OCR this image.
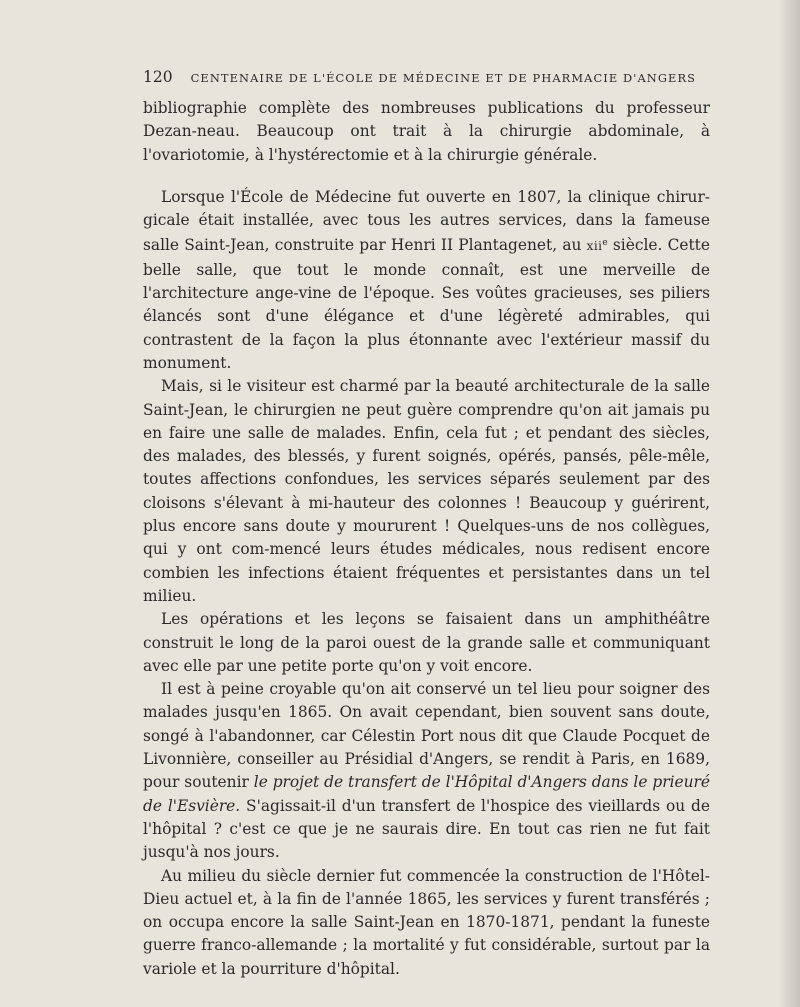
120 CENTENAIRE DE L'ÉCOLE DE MÉDECINE ET DE PHARMACIE D'ANGERS

bibliographie complète des nombreuses publications du professeur Dezan-neau. Beaucoup ont trait à la chirurgie abdominale, à l'ovariotomie, à l'hystérectomie et à la chirurgie générale.

Lorsque l'École de Médecine fut ouverte en 1807, la clinique chirur-gicale était installée, avec tous les autres services, dans la fameuse salle Saint-Jean, construite par Henri II Plantagenet, au xii$^e$ siècle. Cette belle salle, que tout le monde connaît, est une merveille de l'architecture ange-vine de l'époque. Ses voûtes gracieuses, ses piliers élancés sont d'une élégance et d'une légèreté admirables, qui contrastent de la façon la plus étonnante avec l'extérieur massif du monument.

Mais, si le visiteur est charmé par la beauté architecturale de la salle Saint-Jean, le chirurgien ne peut guère comprendre qu'on ait jamais pu en faire une salle de malades. Enfin, cela fut ; et pendant des siècles, des malades, des blessés, y furent soignés, opérés, pansés, pêle-mêle, toutes affections confondues, les services séparés seulement par des cloisons s'élevant à mi-hauteur des colonnes ! Beaucoup y guérirent, plus encore sans doute y moururent ! Quelques-uns de nos collègues, qui y ont com-mencé leurs études médicales, nous redisent encore combien les infections étaient fréquentes et persistantes dans un tel milieu.

Les opérations et les leçons se faisaient dans un amphithéâtre construit le long de la paroi ouest de la grande salle et communiquant avec elle par une petite porte qu'on y voit encore.

Il est à peine croyable qu'on ait conservé un tel lieu pour soigner des malades jusqu'en 1865. On avait cependant, bien souvent sans doute, songé à l'abandonner, car Célestin Port nous dit que Claude Pocquet de Livonnière, conseiller au Présidial d'Angers, se rendit à Paris, en 1689, pour soutenir le projet de transfert de l'Hôpital d'Angers dans le prieuré de l'Esvière. S'agissait-il d'un transfert de l'hospice des vieillards ou de l'hôpital ? c'est ce que je ne saurais dire. En tout cas rien ne fut fait jusqu'à nos jours.

Au milieu du siècle dernier fut commencée la construction de l'Hôtel-Dieu actuel et, à la fin de l'année 1865, les services y furent transférés ; on occupa encore la salle Saint-Jean en 1870-1871, pendant la funeste guerre franco-allemande ; la mortalité y fut considérable, surtout par la variole et la pourriture d'hôpital.
